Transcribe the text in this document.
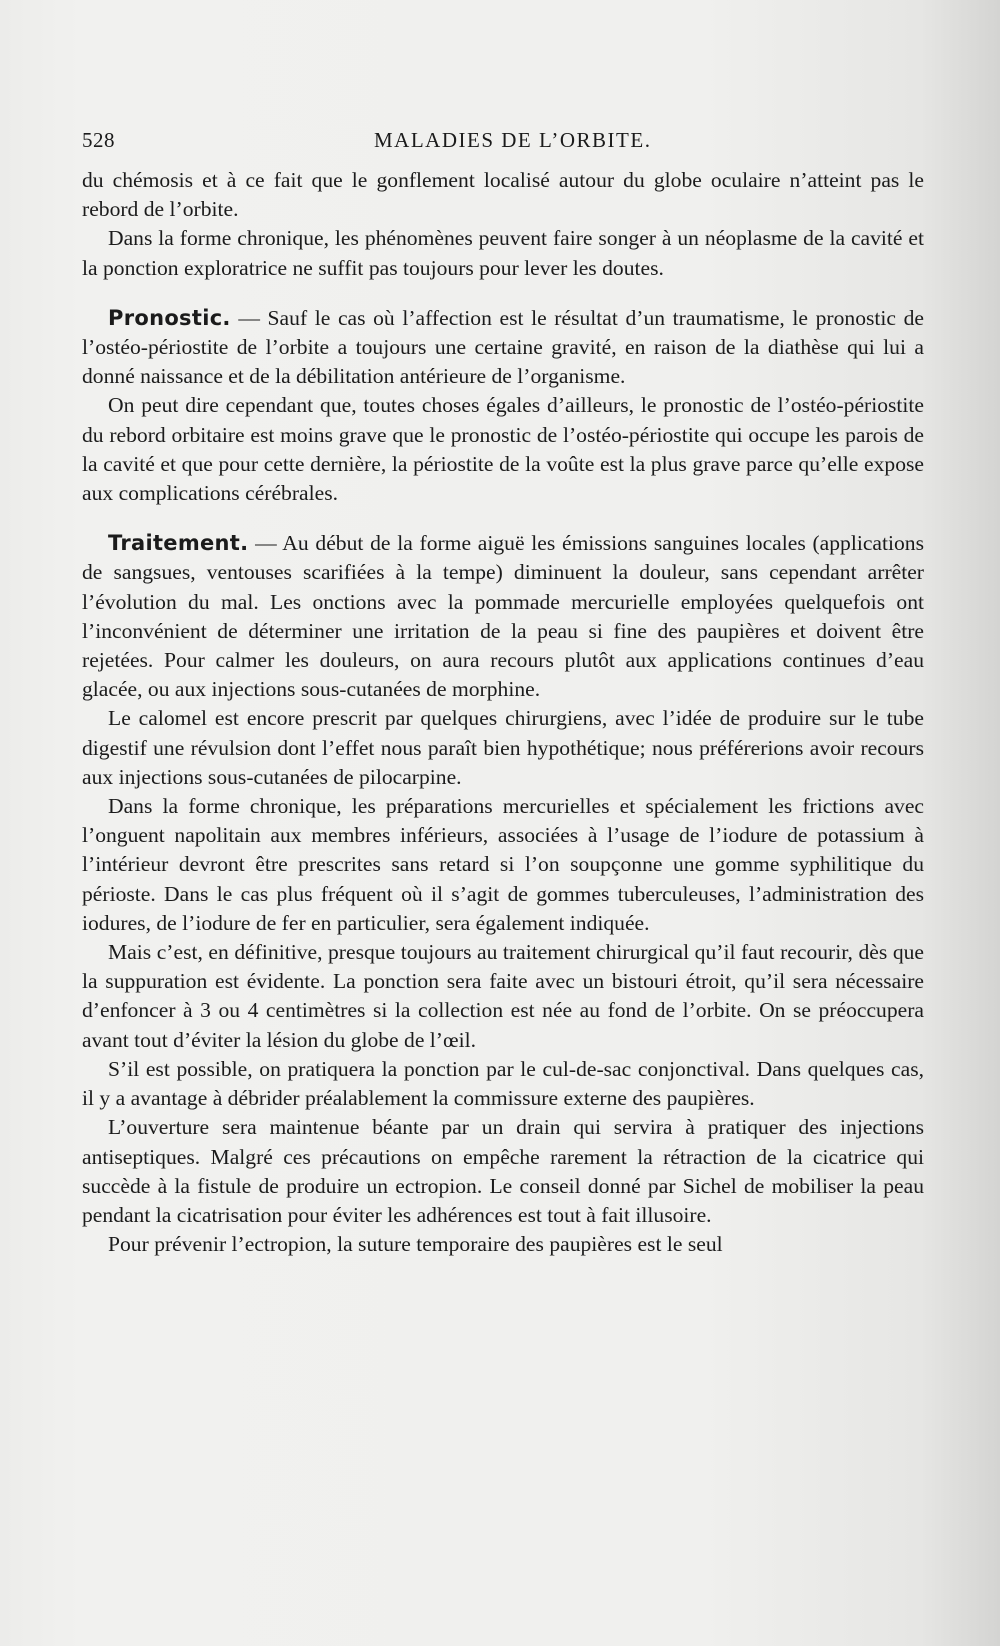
528	MALADIES DE L’ORBITE.

du chémosis et à ce fait que le gonflement localisé autour du globe oculaire n’atteint pas le rebord de l’orbite.

Dans la forme chronique, les phénomènes peuvent faire songer à un néoplasme de la cavité et la ponction exploratrice ne suffit pas toujours pour lever les doutes.

Pronostic. — Sauf le cas où l’affection est le résultat d’un traumatisme, le pronostic de l’ostéo-périostite de l’orbite a toujours une certaine gravité, en raison de la diathèse qui lui a donné naissance et de la débilitation antérieure de l’organisme.

On peut dire cependant que, toutes choses égales d’ailleurs, le pronostic de l’ostéo-périostite du rebord orbitaire est moins grave que le pronostic de l’ostéo-périostite qui occupe les parois de la cavité et que pour cette dernière, la périostite de la voûte est la plus grave parce qu’elle expose aux complications cérébrales.

Traitement. — Au début de la forme aiguë les émissions sanguines locales (applications de sangsues, ventouses scarifiées à la tempe) diminuent la douleur, sans cependant arrêter l’évolution du mal. Les onctions avec la pommade mercurielle employées quelquefois ont l’inconvénient de déterminer une irritation de la peau si fine des paupières et doivent être rejetées. Pour calmer les douleurs, on aura recours plutôt aux applications continues d’eau glacée, ou aux injections sous-cutanées de morphine.

Le calomel est encore prescrit par quelques chirurgiens, avec l’idée de produire sur le tube digestif une révulsion dont l’effet nous paraît bien hypothétique; nous préférerions avoir recours aux injections sous-cutanées de pilocarpine.

Dans la forme chronique, les préparations mercurielles et spécialement les frictions avec l’onguent napolitain aux membres inférieurs, associées à l’usage de l’iodure de potassium à l’intérieur devront être prescrites sans retard si l’on soupçonne une gomme syphilitique du périoste. Dans le cas plus fréquent où il s’agit de gommes tuberculeuses, l’administration des iodures, de l’iodure de fer en particulier, sera également indiquée.

Mais c’est, en définitive, presque toujours au traitement chirurgical qu’il faut recourir, dès que la suppuration est évidente. La ponction sera faite avec un bistouri étroit, qu’il sera nécessaire d’enfoncer à 3 ou 4 centimètres si la collection est née au fond de l’orbite. On se préoccupera avant tout d’éviter la lésion du globe de l’œil.

S’il est possible, on pratiquera la ponction par le cul-de-sac conjonctival. Dans quelques cas, il y a avantage à débrider préalablement la commissure externe des paupières.

L’ouverture sera maintenue béante par un drain qui servira à pratiquer des injections antiseptiques. Malgré ces précautions on empêche rarement la rétraction de la cicatrice qui succède à la fistule de produire un ectropion. Le conseil donné par Sichel de mobiliser la peau pendant la cicatrisation pour éviter les adhérences est tout à fait illusoire.

Pour prévenir l’ectropion, la suture temporaire des paupières est le seul
